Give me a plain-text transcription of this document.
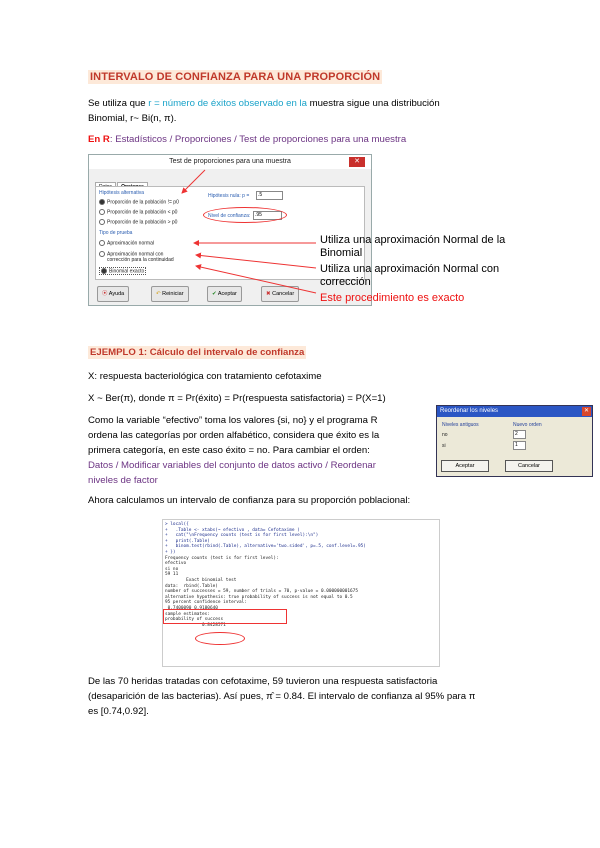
INTERVALO DE CONFIANZA PARA UNA PROPORCIÓN
Se utiliza que r = número de éxitos observado en la muestra sigue una distribución
Binomial, r~ Bi(n, π).
En R: Estadísticos / Proporciones / Test de proporciones para una muestra
Test de proporciones para una muestra	✕
Hipótesis alternativa
Proporción de la población != p0
Proporción de la población < p0
Proporción de la población > p0
Hipótesis nula: p =	.5
Nivel de confianza: .95
Tipo de prueba
Aproximación normal
Aproximación normal con
corrección para la continuidad
Binomial exacto
⦿ Ayuda	↶ Reiniciar	✔ Aceptar	✖ Cancelar
Utiliza una aproximación Normal de la
Binomial
Utiliza una aproximación Normal con
corrección
Este procedimiento es exacto
EJEMPLO 1: Cálculo del intervalo de confianza
X: respuesta bacteriológica con tratamiento cefotaxime
X ~ Ber(π), donde π = Pr(éxito) = Pr(respuesta satisfactoria) = P(X=1)
Como la variable “efectivo” toma los valores {si, no} y el programa R
ordena las categorías por orden alfabético, considera que éxito es la
primera categoría, en este caso éxito = no. Para cambiar el orden:
Datos / Modificar variables del conjunto de datos activo / Reordenar
niveles de factor
Reordenar los niveles	✕
Niveles antiguos	Nuevo orden
no	2
si	1
Aceptar	Cancelar
Ahora calculamos un intervalo de confianza para su proporción poblacional:
> local({
+   .Table <- xtabs(~ efectivo , data= Cefotaxime )
+   cat("\nFrequency counts (test is for first level):\n")
+   print(.Table)
+   binom.test(rbind(.Table), alternative='two.sided', p=.5, conf.level=.95)
+ })
Frequency counts (test is for first level):
efectivo
si no
59 11
Exact binomial test
data:  rbind(.Table)
number of successes = 59, number of trials = 70, p-value = 0.000000001675
alternative hypothesis: true probability of success is not equal to 0.5
95 percent confidence interval:
0.7400090 0.9180640
sample estimates:
probability of success
0.8428571
De las 70 heridas tratadas con cefotaxime, 59 tuvieron una respuesta satisfactoria
(desaparición de las bacterias). Así pues, π̂ = 0.84. El intervalo de confianza al 95% para π
es [0.74,0.92].
